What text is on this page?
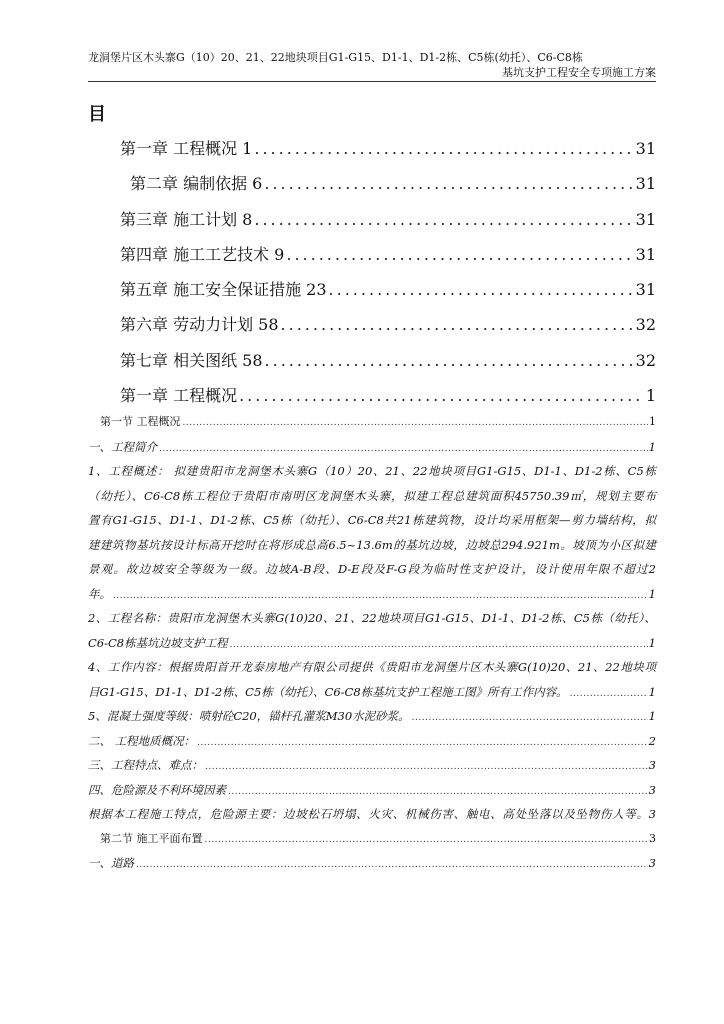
龙洞堡片区木头寨G（10）20、21、22地块项目G1-G15、D1-1、D1-2栋、C5栋(幼托）、C6-C8栋
基坑支护工程安全专项施工方案
目
第一章 工程概况 1 .....	31
第二章 编制依据 6 .....	31
第三章 施工计划 8 .....	31
第四章 施工工艺技术 9 .....	31
第五章 施工安全保证措施 23 .....	31
第六章 劳动力计划 58 .....	32
第七章 相关图纸 58 .....	32
第一章 工程概况 .....	1
第一节 工程概况 .....	1
一、工程简介 .....	1
1、工程概述： 拟建贵阳市龙洞堡木头寨G（10）20、21、22地块项目G1-G15、D1-1、D1-2栋、C5栋
（幼托）、C6-C8栋工程位于贵阳市南明区龙洞堡木头寨，拟建工程总建筑面积45750.39㎡，规划主要布
置有G1-G15、D1-1、D1-2栋、C5栋（幼托）、C6-C8共21栋建筑物，设计均采用框架—剪力墙结构，拟
建建筑物基坑按设计标高开挖时在将形成总高6.5~13.6m的基坑边坡，边坡总294.921m。坡顶为小区拟建
景观。故边坡安全等级为一级。边坡A-B段、D-E段及F-G段为临时性支护设计，设计使用年限不超过2
年。 .....	1
2、工程名称：贵阳市龙洞堡木头寨G(10)20、21、22地块项目G1-G15、D1-1、D1-2栋、C5栋（幼托）、
C6-C8栋基坑边坡支护工程 .....	1
4、工作内容：根据贵阳首开龙泰房地产有限公司提供《贵阳市龙洞堡片区木头寨G(10)20、21、22地块项
目G1-G15、D1-1、D1-2栋、C5栋（幼托）、C6-C8栋基坑支护工程施工图》所有工作内容。 .....	1
5、混凝土强度等级：喷射砼C20，锚杆孔灌浆M30水泥砂浆。 .....	1
二、 工程地质概况： .....	2
三、工程特点、难点： .....	3
四、危险源及不利环境因素 .....	3
根据本工程施工特点，危险源主要：边坡松石坍塌、火灾、机械伤害、触电、高处坠落以及坠物伤人等。3
第二节 施工平面布置 .....	3
一、道路 .....	3
